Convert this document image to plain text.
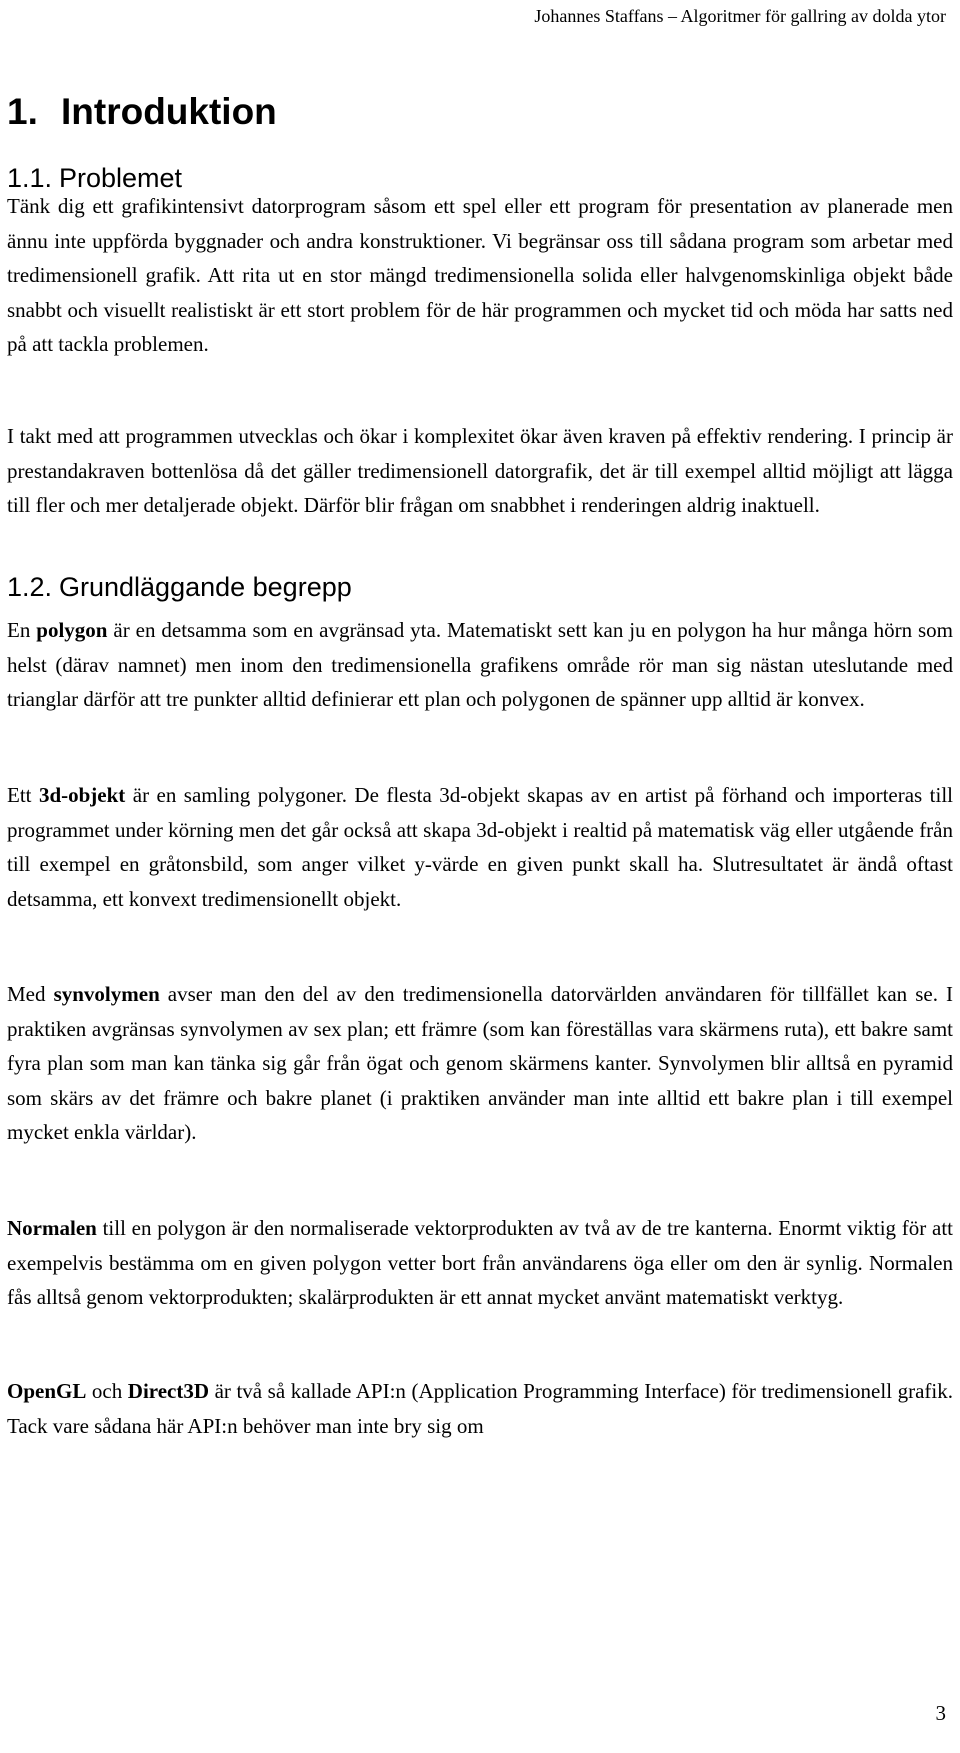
Johannes Staffans – Algoritmer för gallring av dolda ytor
1. Introduktion
1.1. Problemet

Tänk dig ett grafikintensivt datorprogram såsom ett spel eller ett program för presentation av planerade men ännu inte uppförda byggnader och andra konstruktioner. Vi begränsar oss till sådana program som arbetar med tredimensionell grafik. Att rita ut en stor mängd tredimensionella solida eller halvgenomskinliga objekt både snabbt och visuellt realistiskt är ett stort problem för de här programmen och mycket tid och möda har satts ned på att tackla problemen.

I takt med att programmen utvecklas och ökar i komplexitet ökar även kraven på effektiv rendering. I princip är prestandakraven bottenlösa då det gäller tredimensionell datorgrafik, det är till exempel alltid möjligt att lägga till fler och mer detaljerade objekt. Därför blir frågan om snabbhet i renderingen aldrig inaktuell.

1.2. Grundläggande begrepp

En polygon är en detsamma som en avgränsad yta. Matematiskt sett kan ju en polygon ha hur många hörn som helst (därav namnet) men inom den tredimensionella grafikens område rör man sig nästan uteslutande med trianglar därför att tre punkter alltid definierar ett plan och polygonen de spänner upp alltid är konvex.

Ett 3d-objekt är en samling polygoner. De flesta 3d-objekt skapas av en artist på förhand och importeras till programmet under körning men det går också att skapa 3d-objekt i realtid på matematisk väg eller utgående från till exempel en gråtonsbild, som anger vilket y-värde en given punkt skall ha. Slutresultatet är ändå oftast detsamma, ett konvext tredimensionellt objekt.

Med synvolymen avser man den del av den tredimensionella datorvärlden användaren för tillfället kan se. I praktiken avgränsas synvolymen av sex plan; ett främre (som kan föreställas vara skärmens ruta), ett bakre samt fyra plan som man kan tänka sig går från ögat och genom skärmens kanter. Synvolymen blir alltså en pyramid som skärs av det främre och bakre planet (i praktiken använder man inte alltid ett bakre plan i till exempel mycket enkla världar).

Normalen till en polygon är den normaliserade vektorprodukten av två av de tre kanterna. Enormt viktig för att exempelvis bestämma om en given polygon vetter bort från användarens öga eller om den är synlig. Normalen fås alltså genom vektorprodukten; skalärprodukten är ett annat mycket använt matematiskt verktyg.

OpenGL och Direct3D är två så kallade API:n (Application Programming Interface) för tredimensionell grafik. Tack vare sådana här API:n behöver man inte bry sig om

3
